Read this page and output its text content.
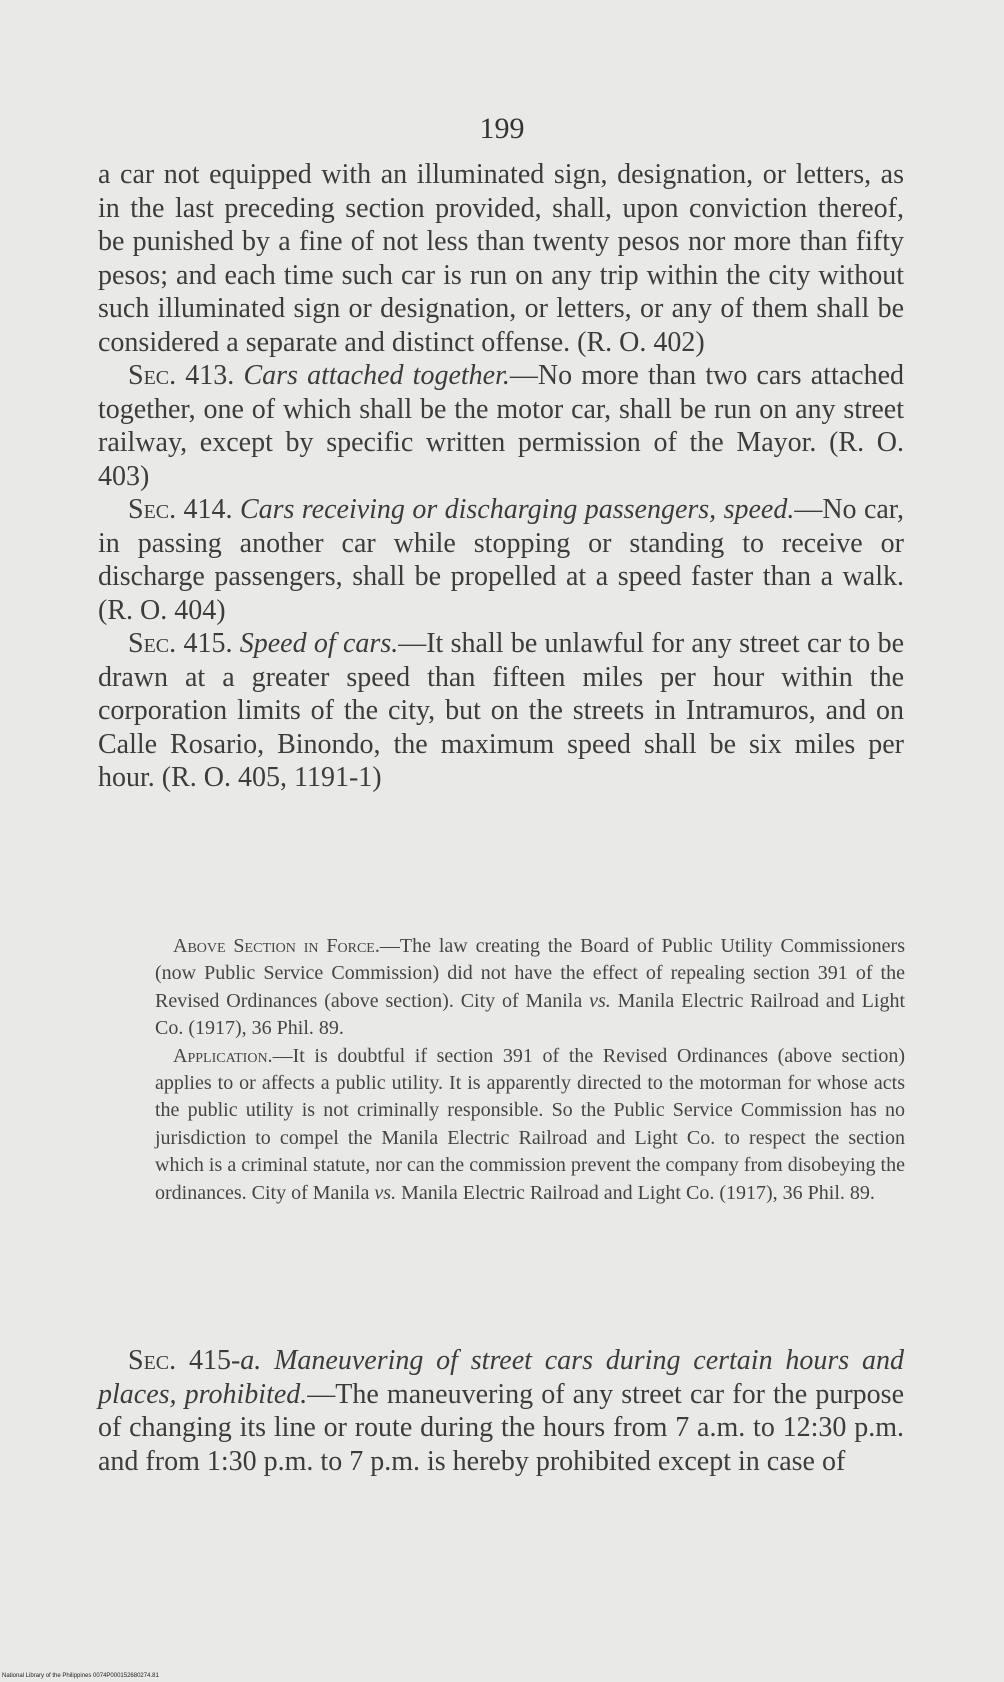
199

a car not equipped with an illuminated sign, designation, or letters, as in the last preceding section provided, shall, upon conviction thereof, be punished by a fine of not less than twenty pesos nor more than fifty pesos; and each time such car is run on any trip within the city without such illuminated sign or designation, or letters, or any of them shall be considered a separate and distinct offense. (R. O. 402)

Sec. 413. Cars attached together.—No more than two cars attached together, one of which shall be the motor car, shall be run on any street railway, except by specific written permission of the Mayor. (R. O. 403)

Sec. 414. Cars receiving or discharging passengers, speed.—No car, in passing another car while stopping or standing to receive or discharge passengers, shall be propelled at a speed faster than a walk. (R. O. 404)

Sec. 415. Speed of cars.—It shall be unlawful for any street car to be drawn at a greater speed than fifteen miles per hour within the corporation limits of the city, but on the streets in Intramuros, and on Calle Rosario, Binondo, the maximum speed shall be six miles per hour. (R. O. 405, 1191-1)

Above Section in Force.—The law creating the Board of Public Utility Commissioners (now Public Service Commission) did not have the effect of repealing section 391 of the Revised Ordinances (above section). City of Manila vs. Manila Electric Railroad and Light Co. (1917), 36 Phil. 89.

Application.—It is doubtful if section 391 of the Revised Ordinances (above section) applies to or affects a public utility. It is apparently directed to the motorman for whose acts the public utility is not criminally responsible. So the Public Service Commission has no jurisdiction to compel the Manila Electric Railroad and Light Co. to respect the section which is a criminal statute, nor can the commission prevent the company from disobeying the ordinances. City of Manila vs. Manila Electric Railroad and Light Co. (1917), 36 Phil. 89.

Sec. 415-a. Maneuvering of street cars during certain hours and places, prohibited.—The maneuvering of any street car for the purpose of changing its line or route during the hours from 7 a.m. to 12:30 p.m. and from 1:30 p.m. to 7 p.m. is hereby prohibited except in case of

National Library of the Philippines 0074P000152680274.81
